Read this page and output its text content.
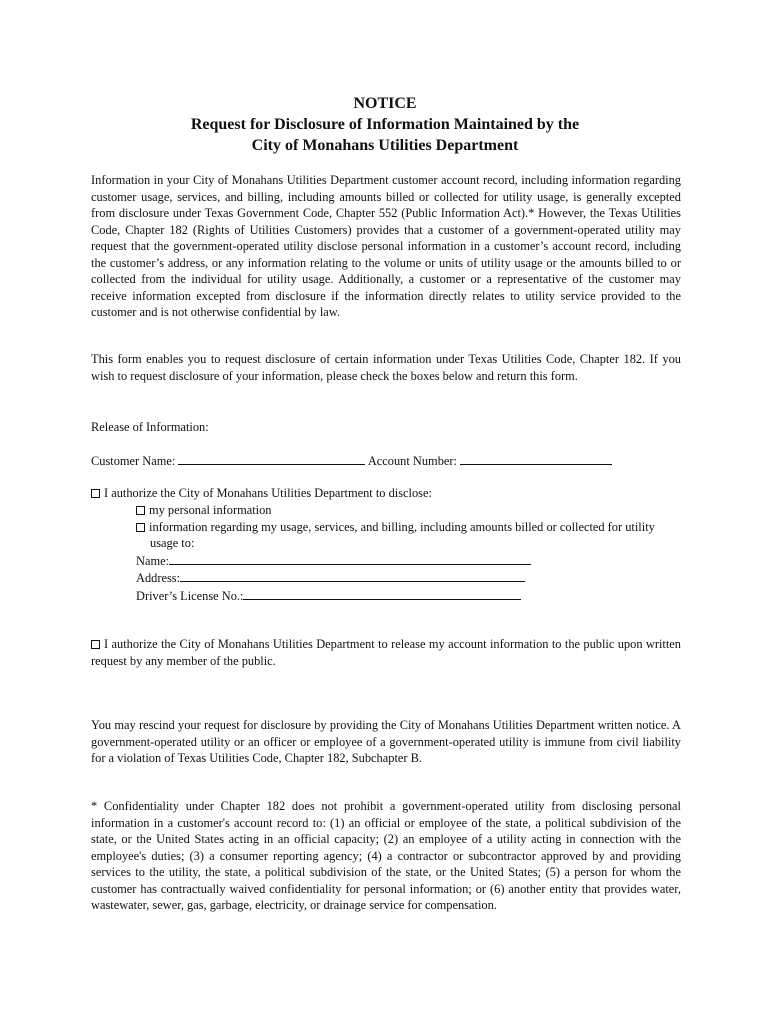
NOTICE
Request for Disclosure of Information Maintained by the
City of Monahans Utilities Department

Information in your City of Monahans Utilities Department customer account record, including information regarding customer usage, services, and billing, including amounts billed or collected for utility usage, is generally excepted from disclosure under Texas Government Code, Chapter 552 (Public Information Act).* However, the Texas Utilities Code, Chapter 182 (Rights of Utilities Customers) provides that a customer of a government-operated utility may request that the government-operated utility disclose personal information in a customer’s account record, including the customer’s address, or any information relating to the volume or units of utility usage or the amounts billed to or collected from the individual for utility usage. Additionally, a customer or a representative of the customer may receive information excepted from disclosure if the information directly relates to utility service provided to the customer and is not otherwise confidential by law.

This form enables you to request disclosure of certain information under Texas Utilities Code, Chapter 182. If you wish to request disclosure of your information, please check the boxes below and return this form.

Release of Information:
Customer Name:	Account Number:
I authorize the City of Monahans Utilities Department to disclose:
my personal information
information regarding my usage, services, and billing, including amounts billed or collected for utility usage to:
Name:
Address:
Driver’s License No.:
I authorize the City of Monahans Utilities Department to release my account information to the public upon written request by any member of the public.

You may rescind your request for disclosure by providing the City of Monahans Utilities Department written notice. A government-operated utility or an officer or employee of a government-operated utility is immune from civil liability for a violation of Texas Utilities Code, Chapter 182, Subchapter B.

* Confidentiality under Chapter 182 does not prohibit a government-operated utility from disclosing personal information in a customer's account record to: (1) an official or employee of the state, a political subdivision of the state, or the United States acting in an official capacity; (2) an employee of a utility acting in connection with the employee's duties; (3) a consumer reporting agency; (4) a contractor or subcontractor approved by and providing services to the utility, the state, a political subdivision of the state, or the United States; (5) a person for whom the customer has contractually waived confidentiality for personal information; or (6) another entity that provides water, wastewater, sewer, gas, garbage, electricity, or drainage service for compensation.
